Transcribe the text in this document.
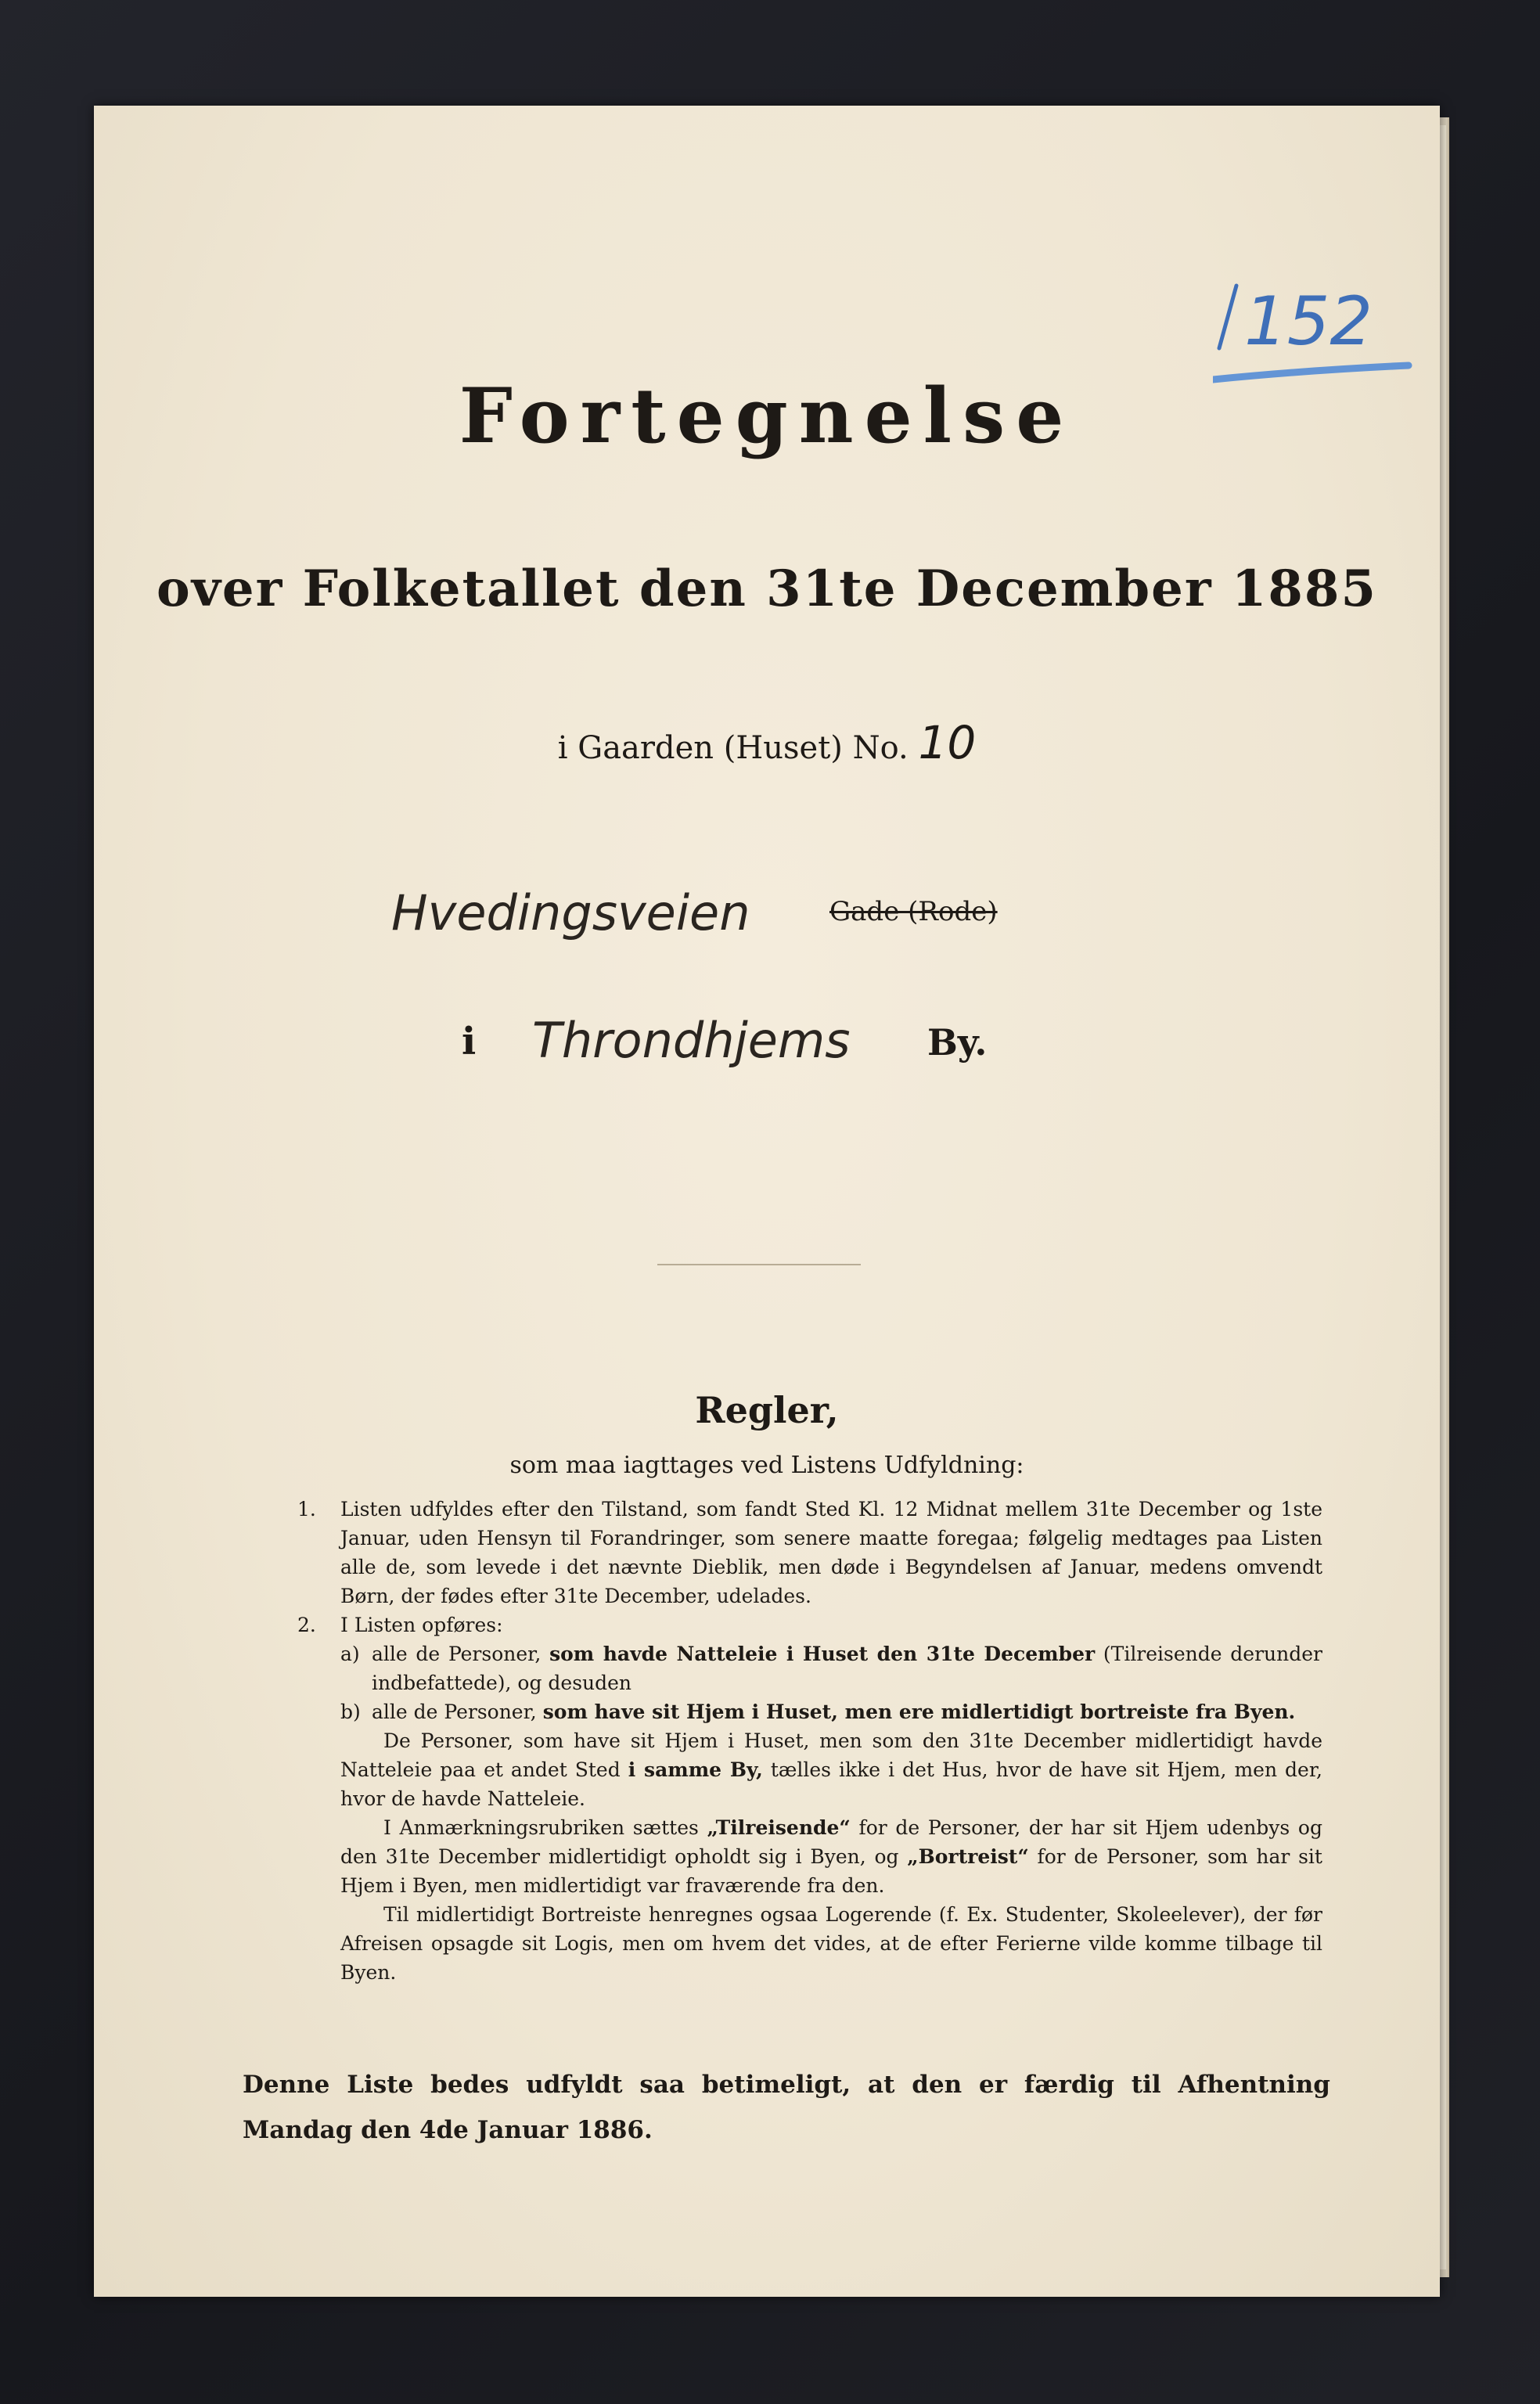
152
Fortegnelse
over Folketallet den 31te December 1885
i Gaarden (Huset) No. 10
Hvedingsveien	Gade (Rode)
i Throndhjems By.
Regler,
som maa iagttages ved Listens Udfyldning:
1. Listen udfyldes efter den Tilstand, som fandt Sted Kl. 12 Midnat mellem 31te December og 1ste Januar, uden Hensyn til Forandringer, som senere maatte foregaa; følgelig medtages paa Listen alle de, som levede i det nævnte Dieblik, men døde i Begyndelsen af Januar, medens omvendt Børn, der fødes efter 31te December, udelades.
2. I Listen opføres:
a) alle de Personer, som havde Natteleie i Huset den 31te December (Tilreisende derunder indbefattede), og desuden
b) alle de Personer, som have sit Hjem i Huset, men ere midlertidigt bortreiste fra Byen.
De Personer, som have sit Hjem i Huset, men som den 31te December midlertidigt havde Natteleie paa et andet Sted i samme By, tælles ikke i det Hus, hvor de have sit Hjem, men der, hvor de havde Natteleie.
I Anmærkningsrubriken sættes „Tilreisende“ for de Personer, der har sit Hjem udenbys og den 31te December midlertidigt opholdt sig i Byen, og „Bortreist“ for de Personer, som har sit Hjem i Byen, men midlertidigt var fraværende fra den.
Til midlertidigt Bortreiste henregnes ogsaa Logerende (f. Ex. Studenter, Skoleelever), der før Afreisen opsagde sit Logis, men om hvem det vides, at de efter Ferierne vilde komme tilbage til Byen.
Denne Liste bedes udfyldt saa betimeligt, at den er færdig til Afhentning Mandag den 4de Januar 1886.
